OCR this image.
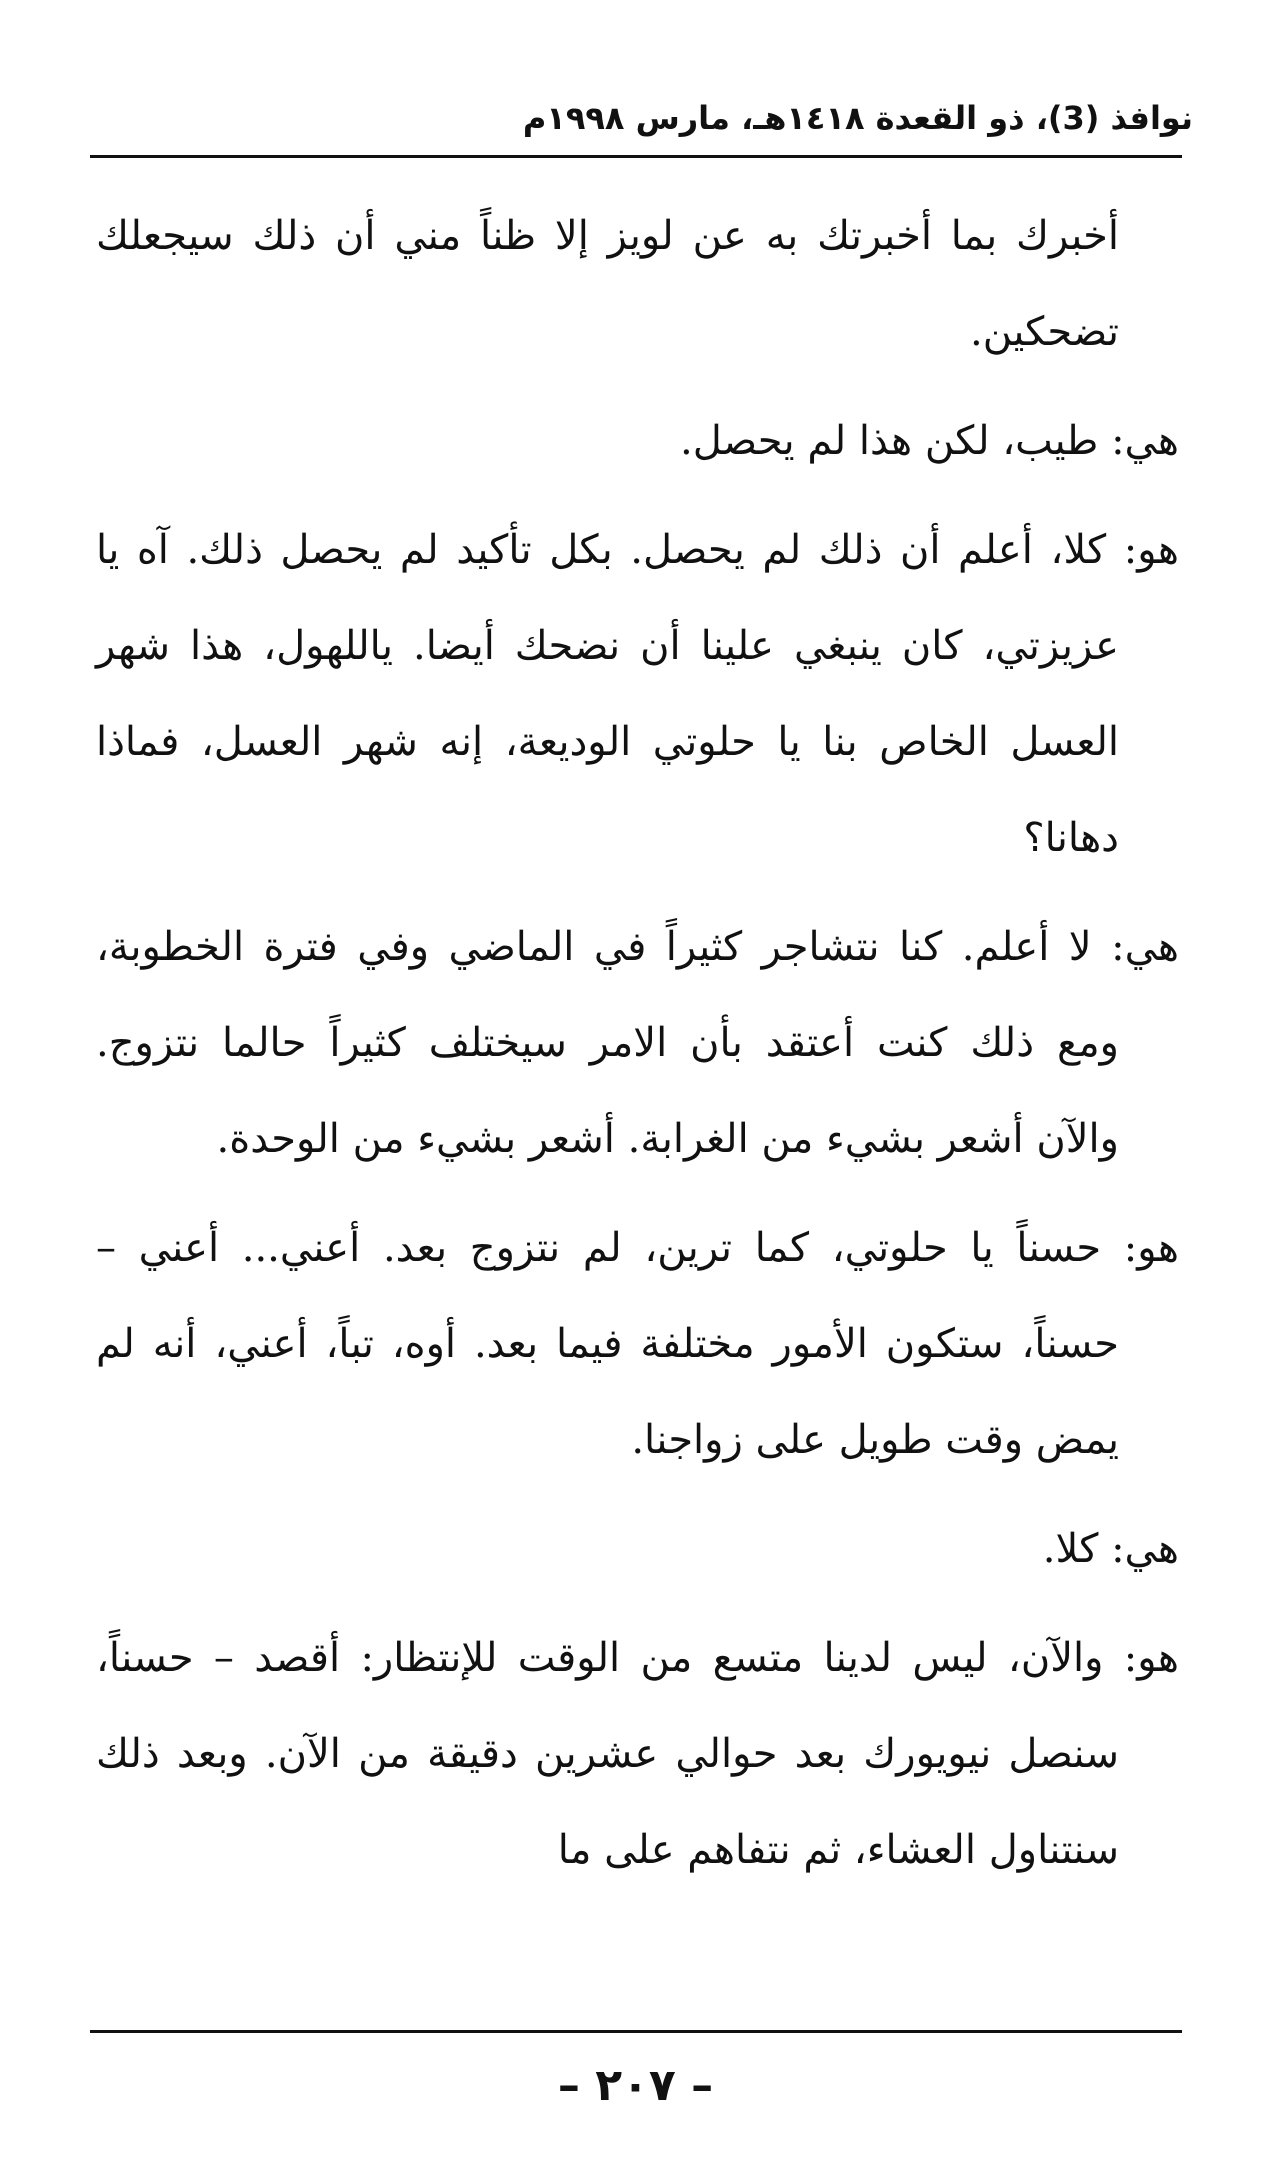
نوافذ (3)، ذو القعدة ١٤١٨هـ، مارس ١٩٩٨م

أخبرك بما أخبرتك به عن لويز إلا ظناً مني أن ذلك سيجعلك تضحكين.

هي: طيب، لكن هذا لم يحصل.

هو: كلا، أعلم أن ذلك لم يحصل. بكل تأكيد لم يحصل ذلك. آه يا عزيزتي، كان ينبغي علينا أن نضحك أيضا. ياللهول، هذا شهر العسل الخاص بنا يا حلوتي الوديعة، إنه شهر العسل، فماذا دهانا؟

هي: لا أعلم. كنا نتشاجر كثيراً في الماضي وفي فترة الخطوبة، ومع ذلك كنت أعتقد بأن الامر سيختلف كثيراً حالما نتزوج. والآن أشعر بشيء من الغرابة. أشعر بشيء من الوحدة.

هو: حسناً يا حلوتي، كما ترين، لم نتزوج بعد. أعني... أعني – حسناً، ستكون الأمور مختلفة فيما بعد. أوه، تباً، أعني، أنه لم يمض وقت طويل على زواجنا.

هي: كلا.

هو: والآن، ليس لدينا متسع من الوقت للإنتظار: أقصد – حسناً، سنصل نيويورك بعد حوالي عشرين دقيقة من الآن. وبعد ذلك سنتناول العشاء، ثم نتفاهم على ما

– ٢٠٧ –
